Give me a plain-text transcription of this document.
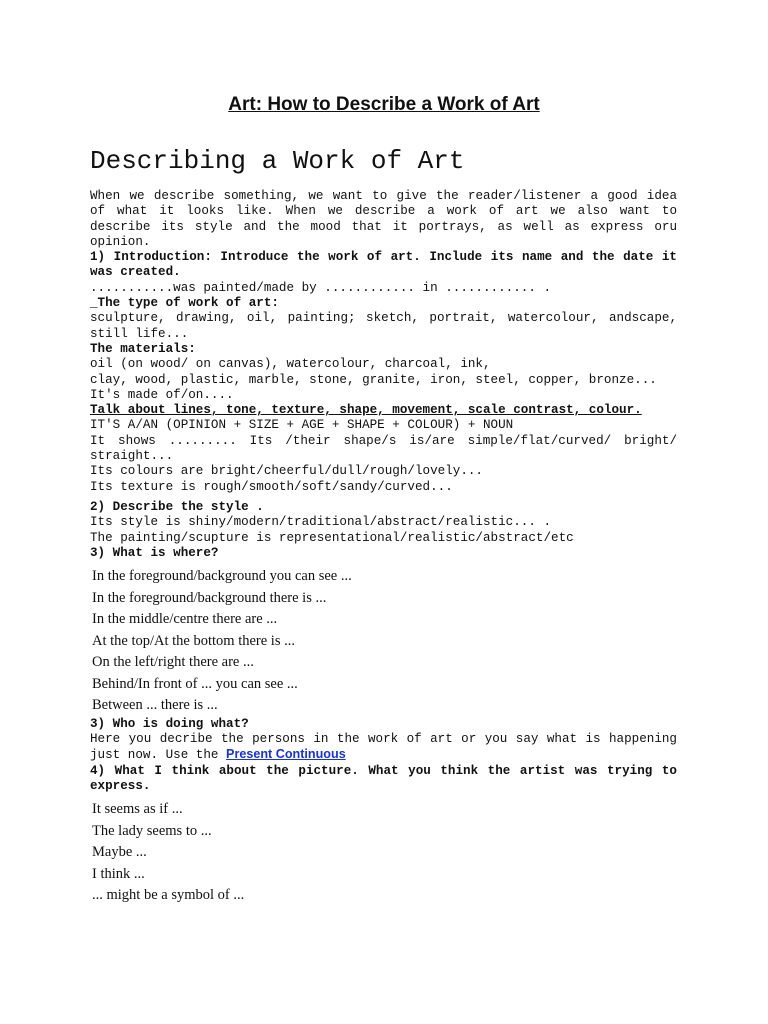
Art: How to Describe a Work of Art
Describing a Work of Art

When we describe something, we want to give the reader/listener a good idea of what it looks like. When we describe a work of art we also want to describe its style and the mood that it portrays, as well as express oru opinion.

1) Introduction: Introduce the work of art. Include its name and the date it was created.

...........was painted/made by ............ in ............ .

_The type of work of art:

sculpture, drawing, oil, painting; sketch, portrait, watercolour, andscape, still life...

The materials:

oil (on wood/ on canvas), watercolour, charcoal, ink,

clay, wood, plastic, marble, stone, granite, iron, steel, copper, bronze...

It's made of/on....

Talk about lines, tone, texture, shape, movement, scale contrast, colour.

IT'S A/AN (OPINION + SIZE + AGE + SHAPE + COLOUR) + NOUN

It shows ......... Its /their shape/s is/are simple/flat/curved/ bright/ straight...

Its colours are bright/cheerful/dull/rough/lovely...

Its texture is rough/smooth/soft/sandy/curved...

2) Describe the style .

Its style is shiny/modern/traditional/abstract/realistic... .

The painting/scupture is representational/realistic/abstract/etc

3) What is where?

In the foreground/background you can see ...
In the foreground/background there is ...
In the middle/centre there are ...
At the top/At the bottom there is ...
On the left/right there are ...
Behind/In front of ... you can see ...
Between ... there is ...

3) Who is doing what?

Here you decribe the persons in the work of art or you say what is happening just now. Use the Present Continuous

4) What I think about the picture. What you think the artist was trying to express.

It seems as if ...
The lady seems to ...
Maybe ...
I think ...
... might be a symbol of ...
